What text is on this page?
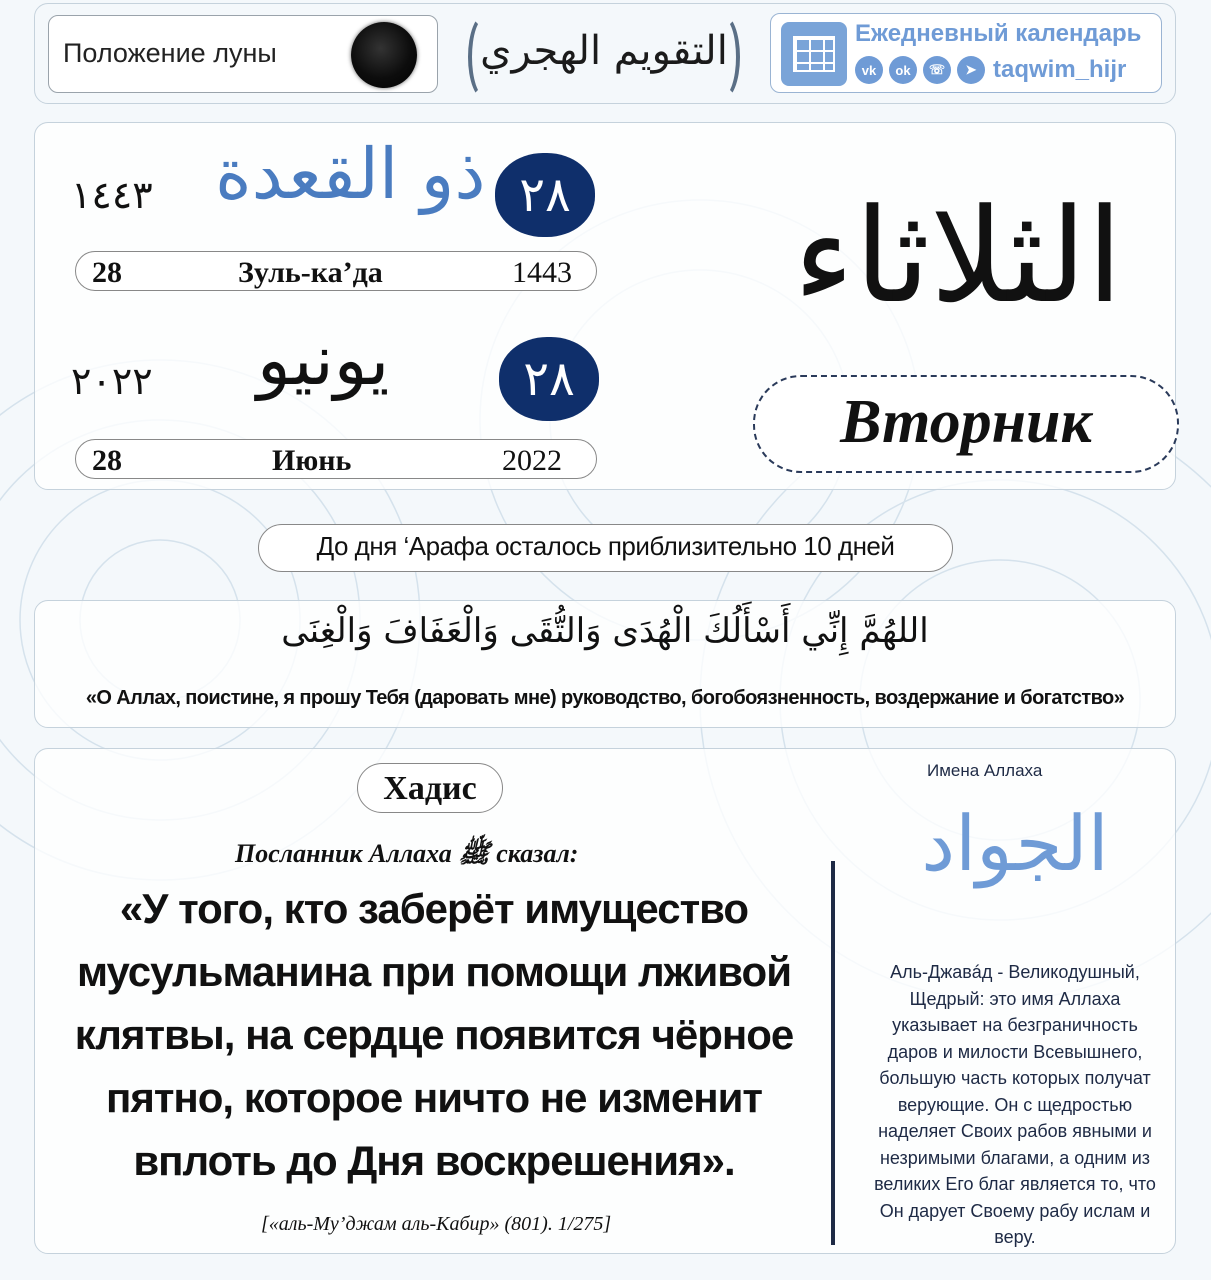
Положение луны	التقويم الهجري	Ежедневный календарь
vk	ok	☏	➤ taqwim_hijr
١٤٤٣ ذو القعدة ٢٨
28	Зуль-ка’да	1443
٢٠٢٢ يونيو	٢٨
28	Июнь	2022
الثلاثاء
Вторник
До дня ‘Арафа осталось приблизительно 10 дней
اللهُمَّ إِنِّي أَسْأَلُكَ الْهُدَى وَالتُّقَى وَالْعَفَافَ وَالْغِنَى
«О Аллах, поистине, я прошу Тебя (даровать мне) руководство, богобоязненность, воздержание и богатство»
Хадис
Посланник Аллаха ﷺ сказал:
«У того, кто заберёт имущество мусульманина при помощи лживой клятвы, на сердце появится чёрное пятно, которое ничто не изменит вплоть до Дня воскрешения».
[«аль-Му’джам аль-Кабир» (801). 1/275]
Имена Аллаха
الجواد
Аль-Джавáд - Великодушный, Щедрый: это имя Аллаха указывает на безграничность даров и милости Всевышнего, большую часть которых получат верующие. Он с щедростью наделяет Своих рабов явными и незримыми благами, а одним из великих Его благ является то, что Он дарует Своему рабу ислам и веру.
